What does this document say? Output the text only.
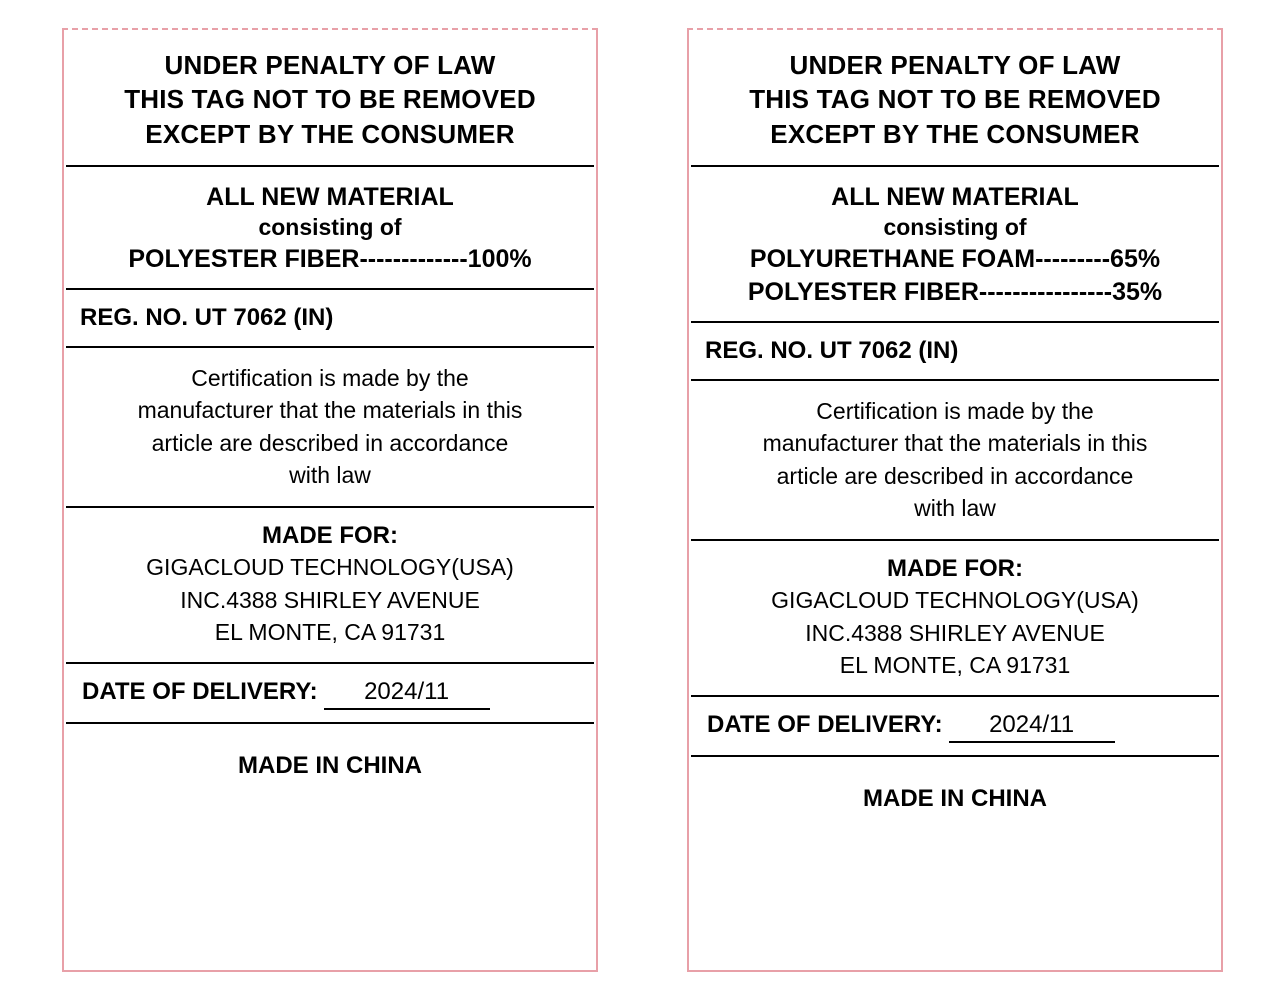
UNDER PENALTY OF LAW
THIS TAG NOT TO BE REMOVED
EXCEPT BY THE CONSUMER
ALL NEW MATERIAL
consisting of
POLYESTER FIBER-------------100%
REG. NO. UT 7062 (IN)
Certification is made by the
manufacturer that the materials in this
article are described in accordance
with law
MADE FOR:
GIGACLOUD TECHNOLOGY(USA)
INC.4388 SHIRLEY AVENUE
EL MONTE, CA 91731
DATE OF DELIVERY: 2024/11
MADE IN CHINA
UNDER PENALTY OF LAW
THIS TAG NOT TO BE REMOVED
EXCEPT BY THE CONSUMER
ALL NEW MATERIAL
consisting of
POLYURETHANE FOAM---------65%
POLYESTER FIBER----------------35%
REG. NO. UT 7062 (IN)
Certification is made by the
manufacturer that the materials in this
article are described in accordance
with law
MADE FOR:
GIGACLOUD TECHNOLOGY(USA)
INC.4388 SHIRLEY AVENUE
EL MONTE, CA 91731
DATE OF DELIVERY: 2024/11
MADE IN CHINA
